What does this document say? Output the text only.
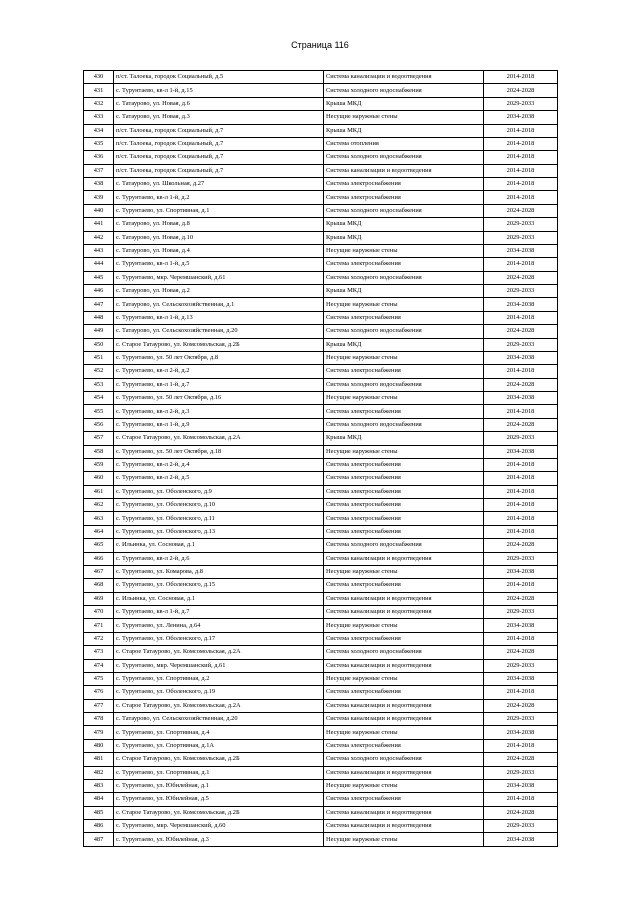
Страница 116
430	п/ст. Талоека, городок Социальный, д.5	Система канализации и водоотведения	2014-2018
431	с. Турунтаево, кв-л 1-й, д.15	Система холодного водоснабжения	2024-2028
432	с. Татаурово, ул. Новая, д.6	Крыша МКД	2029-2033
433	с. Татаурово, ул. Новая, д.3	Несущие наружные стены	2034-2038
434	п/ст. Талоека, городок Социальный, д.7	Крыша МКД	2014-2018
435	п/ст. Талоека, городок Социальный, д.7	Система отопления	2014-2018
436	п/ст. Талоека, городок Социальный, д.7	Система холодного водоснабжения	2014-2018
437	п/ст. Талоека, городок Социальный, д.7	Система канализации и водоотведения	2014-2018
438	с. Татаурово, ул. Школьная, д.27	Система электроснабжения	2014-2018
439	с. Турунтаево, кв-л 1-й, д.2	Система электроснабжения	2014-2018
440	с. Турунтаево, ул. Спортивная, д.1	Система холодного водоснабжения	2024-2028
441	с. Татаурово, ул. Новая, д.8	Крыша МКД	2029-2033
442	с. Татаурово, ул. Новая, д.10	Крыша МКД	2029-2033
443	с. Татаурово, ул. Новая, д.4	Несущие наружные стены	2034-2038
444	с. Турунтаево, кв-л 1-й, д.5	Система электроснабжения	2014-2018
445	с. Турунтаево, мкр. Черемшанский, д.61	Система холодного водоснабжения	2024-2028
446	с. Татаурово, ул. Новая, д.2	Крыша МКД	2029-2033
447	с. Татаурово, ул. Сельскохозяйственная, д.1	Несущие наружные стены	2034-2038
448	с. Турунтаево, кв-л 1-й, д.13	Система электроснабжения	2014-2018
449	с. Татаурово, ул. Сельскохозяйственная, д.20	Система холодного водоснабжения	2024-2028
450	с. Старое Татаурово, ул. Комсомольская, д.2Б	Крыша МКД	2029-2033
451	с. Турунтаево, ул. 50 лет Октября, д.8	Несущие наружные стены	2034-2038
452	с. Турунтаево, кв-л 2-й, д.2	Система электроснабжения	2014-2018
453	с. Турунтаево, кв-л 1-й, д.7	Система холодного водоснабжения	2024-2028
454	с. Турунтаево, ул. 50 лет Октября, д.16	Несущие наружные стены	2034-2038
455	с. Турунтаево, кв-л 2-й, д.3	Система электроснабжения	2014-2018
456	с. Турунтаево, кв-л 1-й, д.9	Система холодного водоснабжения	2024-2028
457	с. Старое Татаурово, ул. Комсомольская, д.2А	Крыша МКД	2029-2033
458	с. Турунтаево, ул. 50 лет Октября, д.18	Несущие наружные стены	2034-2038
459	с. Турунтаево, кв-л 2-й, д.4	Система электроснабжения	2014-2018
460	с. Турунтаево, кв-л 2-й, д.5	Система электроснабжения	2014-2018
461	с. Турунтаево, ул. Оболенского, д.9	Система электроснабжения	2014-2018
462	с. Турунтаево, ул. Оболенского, д.10	Система электроснабжения	2014-2018
463	с. Турунтаево, ул. Оболенского, д.11	Система электроснабжения	2014-2018
464	с. Турунтаево, ул. Оболенского, д.13	Система электроснабжения	2014-2018
465	с. Ильинка, ул. Сосновая, д.1	Система холодного водоснабжения	2024-2028
466	с. Турунтаево, кв-л 2-й, д.6	Система канализации и водоотведения	2029-2033
467	с. Турунтаево, ул. Комарова, д.8	Несущие наружные стены	2034-2038
468	с. Турунтаево, ул. Оболенского, д.15	Система электроснабжения	2014-2018
469	с. Ильинка, ул. Сосновая, д.1	Система канализации и водоотведения	2024-2028
470	с. Турунтаево, кв-л 1-й, д.7	Система канализации и водоотведения	2029-2033
471	с. Турунтаево, ул. Ленина, д.64	Несущие наружные стены	2034-2038
472	с. Турунтаево, ул. Оболенского, д.17	Система электроснабжения	2014-2018
473	с. Старое Татаурово, ул. Комсомольская, д.2А	Система холодного водоснабжения	2024-2028
474	с. Турунтаево, мкр. Черемшанский, д.61	Система канализации и водоотведения	2029-2033
475	с. Турунтаево, ул. Спортивная, д.2	Несущие наружные стены	2034-2038
476	с. Турунтаево, ул. Оболенского, д.19	Система электроснабжения	2014-2018
477	с. Старое Татаурово, ул. Комсомольская, д.2А	Система канализации и водоотведения	2024-2028
478	с. Татаурово, ул. Сельскохозяйственная, д.20	Система канализации и водоотведения	2029-2033
479	с. Турунтаево, ул. Спортивная, д.4	Несущие наружные стены	2034-2038
480	с. Турунтаево, ул. Спортивная, д.1А	Система электроснабжения	2014-2018
481	с. Старое Татаурово, ул. Комсомольская, д.2Б	Система холодного водоснабжения	2024-2028
482	с. Турунтаево, ул. Спортивная, д.1	Система канализации и водоотведения	2029-2033
483	с. Турунтаево, ул. Юбилейная, д.1	Несущие наружные стены	2034-2038
484	с. Турунтаево, ул. Юбилейная, д.5	Система электроснабжения	2014-2018
485	с. Старое Татаурово, ул. Комсомольская, д.2Б	Система канализации и водоотведения	2024-2028
486	с. Турунтаево, мкр. Черемшанский, д.60	Система канализации и водоотведения	2029-2033
487	с. Турунтаево, ул. Юбилейная, д.3	Несущие наружные стены	2034-2038
